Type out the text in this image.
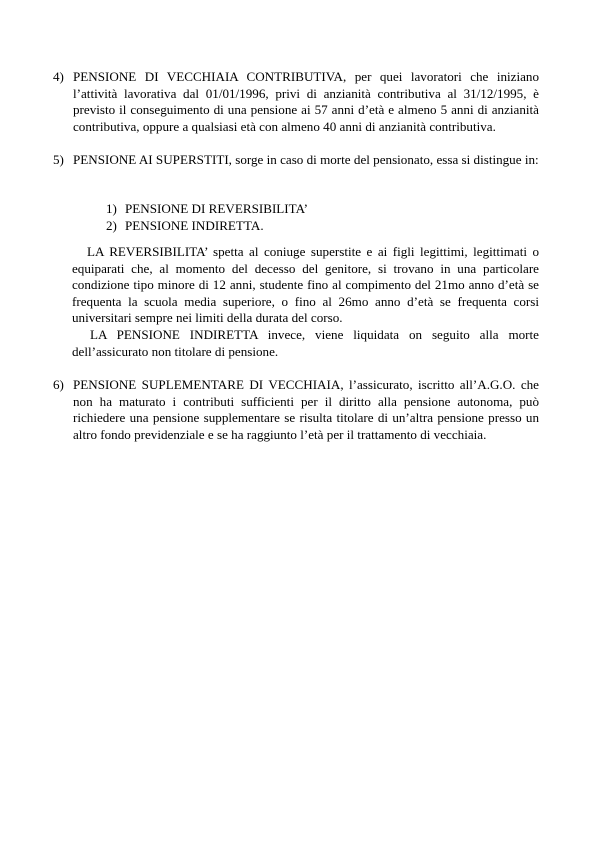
4) PENSIONE DI VECCHIAIA CONTRIBUTIVA, per quei lavoratori che iniziano l’attività lavorativa dal 01/01/1996, privi di anzianità contributiva al 31/12/1995, è previsto il conseguimento di una pensione ai 57 anni d’età e almeno 5 anni di anzianità contributiva, oppure a qualsiasi età con almeno 40 anni di anzianità contributiva.
5) PENSIONE AI SUPERSTITI, sorge in caso di morte del pensionato, essa si distingue in:
1) PENSIONE DI REVERSIBILITA’
2) PENSIONE INDIRETTA.
LA REVERSIBILITA’ spetta al coniuge superstite e ai figli legittimi, legittimati o equiparati che, al momento del decesso del genitore, si trovano in una particolare condizione tipo minore di 12 anni, studente fino al compimento del 21mo anno d’età se frequenta la scuola media superiore, o fino al 26mo anno d’età se frequenta corsi universitari sempre nei limiti della durata del corso.
LA PENSIONE INDIRETTA invece, viene liquidata on seguito alla morte dell’assicurato non titolare di pensione.
6) PENSIONE SUPLEMENTARE DI VECCHIAIA, l’assicurato, iscritto all’A.G.O. che non ha maturato i contributi sufficienti per il diritto alla pensione autonoma, può richiedere una pensione supplementare se risulta titolare di un’altra pensione presso un altro fondo previdenziale e se ha raggiunto l’età per il trattamento di vecchiaia.
